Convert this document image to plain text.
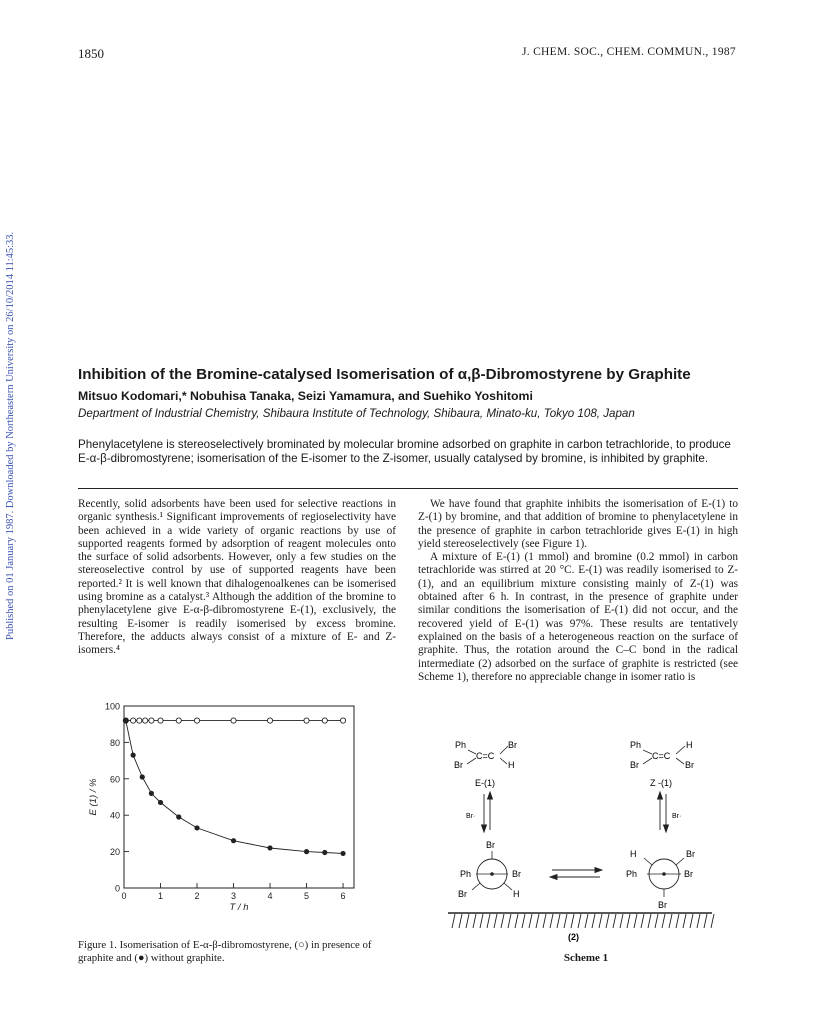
1850	J. CHEM. SOC., CHEM. COMMUN., 1987
Published on 01 January 1987. Downloaded by Northeastern University on 26/10/2014 11:45:33.	Inhibition of the Bromine-catalysed Isomerisation of α,β-Dibromostyrene by Graphite
Mitsuo Kodomari,* Nobuhisa Tanaka, Seizi Yamamura, and Suehiko Yoshitomi
Department of Industrial Chemistry, Shibaura Institute of Technology, Shibaura, Minato-ku, Tokyo 108, Japan
Phenylacetylene is stereoselectively brominated by molecular bromine adsorbed on graphite in carbon tetrachloride, to produce E-α-β-dibromostyrene; isomerisation of the E-isomer to the Z-isomer, usually catalysed by bromine, is inhibited by graphite.

Recently, solid adsorbents have been used for selective reactions in organic synthesis.¹ Significant improvements of regioselectivity have been achieved in a wide variety of organic reactions by use of supported reagents formed by adsorption of reagent molecules onto the surface of solid adsorbents. However, only a few studies on the stereoselective control by use of supported reagents have been reported.² It is well known that dihalogenoalkenes can be isomerised using bromine as a catalyst.³ Although the addition of the bromine to phenylacetylene give E-α-β-dibromostyrene E-(1), exclusively, the resulting E-isomer is readily isomerised by excess bromine. Therefore, the adducts always consist of a mixture of E- and Z-isomers.⁴

We have found that graphite inhibits the isomerisation of E-(1) to Z-(1) by bromine, and that addition of bromine to phenylacetylene in the presence of graphite in carbon tetrachloride gives E-(1) in high yield stereoselectively (see Figure 1).

A mixture of E-(1) (1 mmol) and bromine (0.2 mmol) in carbon tetrachloride was stirred at 20 °C. E-(1) was readily isomerised to Z-(1), and an equilibrium mixture consisting mainly of Z-(1) was obtained after 6 h. In contrast, in the presence of graphite under similar conditions the isomerisation of E-(1) did not occur, and the recovered yield of E-(1) was 97%. These results are tentatively explained on the basis of a heterogeneous reaction on the surface of graphite. Thus, the rotation around the C–C bond in the radical intermediate (2) adsorbed on the surface of graphite is restricted (see Scheme 1), therefore no appreciable change in isomer ratio is

0
20
40
60
80
100
0	1	2	3	4	5	6
T / h
E (1) / %
Figure 1. Isomerisation of E-α-β-dibromostyrene, (○) in presence of graphite and (●) without graphite.
Ph	Br
Br	H
C=C
E-(1)
Ph	H
Br	Br
C=C
Z -(1)
Br·	Br·
Br
Ph	Br
Br	H
H	Br
Ph	Br
Br
(2)
Scheme 1
